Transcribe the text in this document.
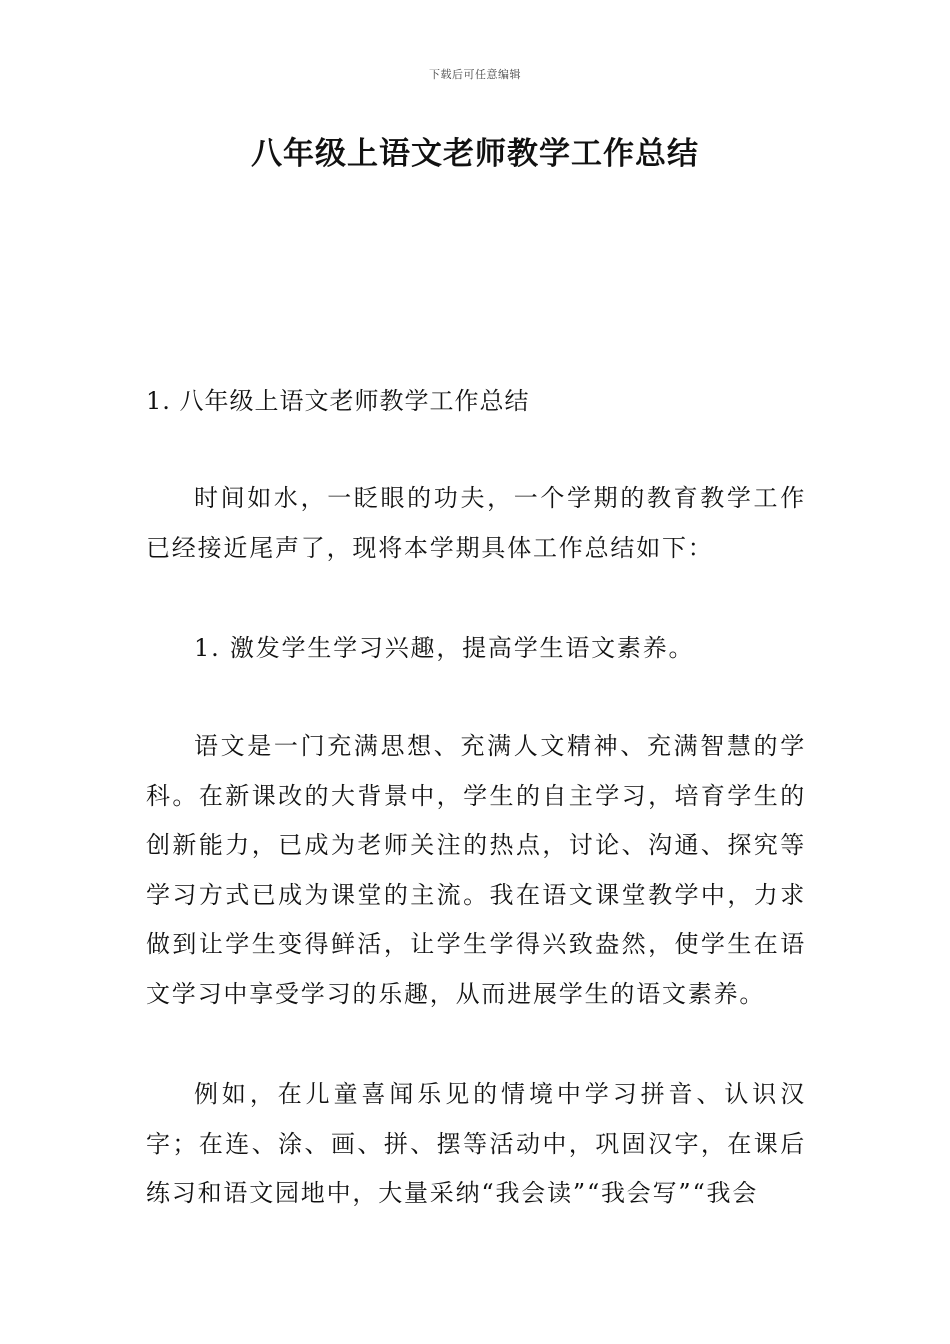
下载后可任意编辑
八年级上语文老师教学工作总结
1. 八年级上语文老师教学工作总结

时间如水，一眨眼的功夫，一个学期的教育教学工作已经接近尾声了，现将本学期具体工作总结如下：

1. 激发学生学习兴趣，提高学生语文素养。

语文是一门充满思想、充满人文精神、充满智慧的学科。在新课改的大背景中，学生的自主学习，培育学生的创新能力，已成为老师关注的热点，讨论、沟通、探究等学习方式已成为课堂的主流。我在语文课堂教学中，力求做到让学生变得鲜活，让学生学得兴致盎然，使学生在语文学习中享受学习的乐趣，从而进展学生的语文素养。

例如，在儿童喜闻乐见的情境中学习拼音、认识汉字；在连、涂、画、拼、摆等活动中，巩固汉字，在课后练习和语文园地中，大量采纳“我会读”“我会写”“我会
